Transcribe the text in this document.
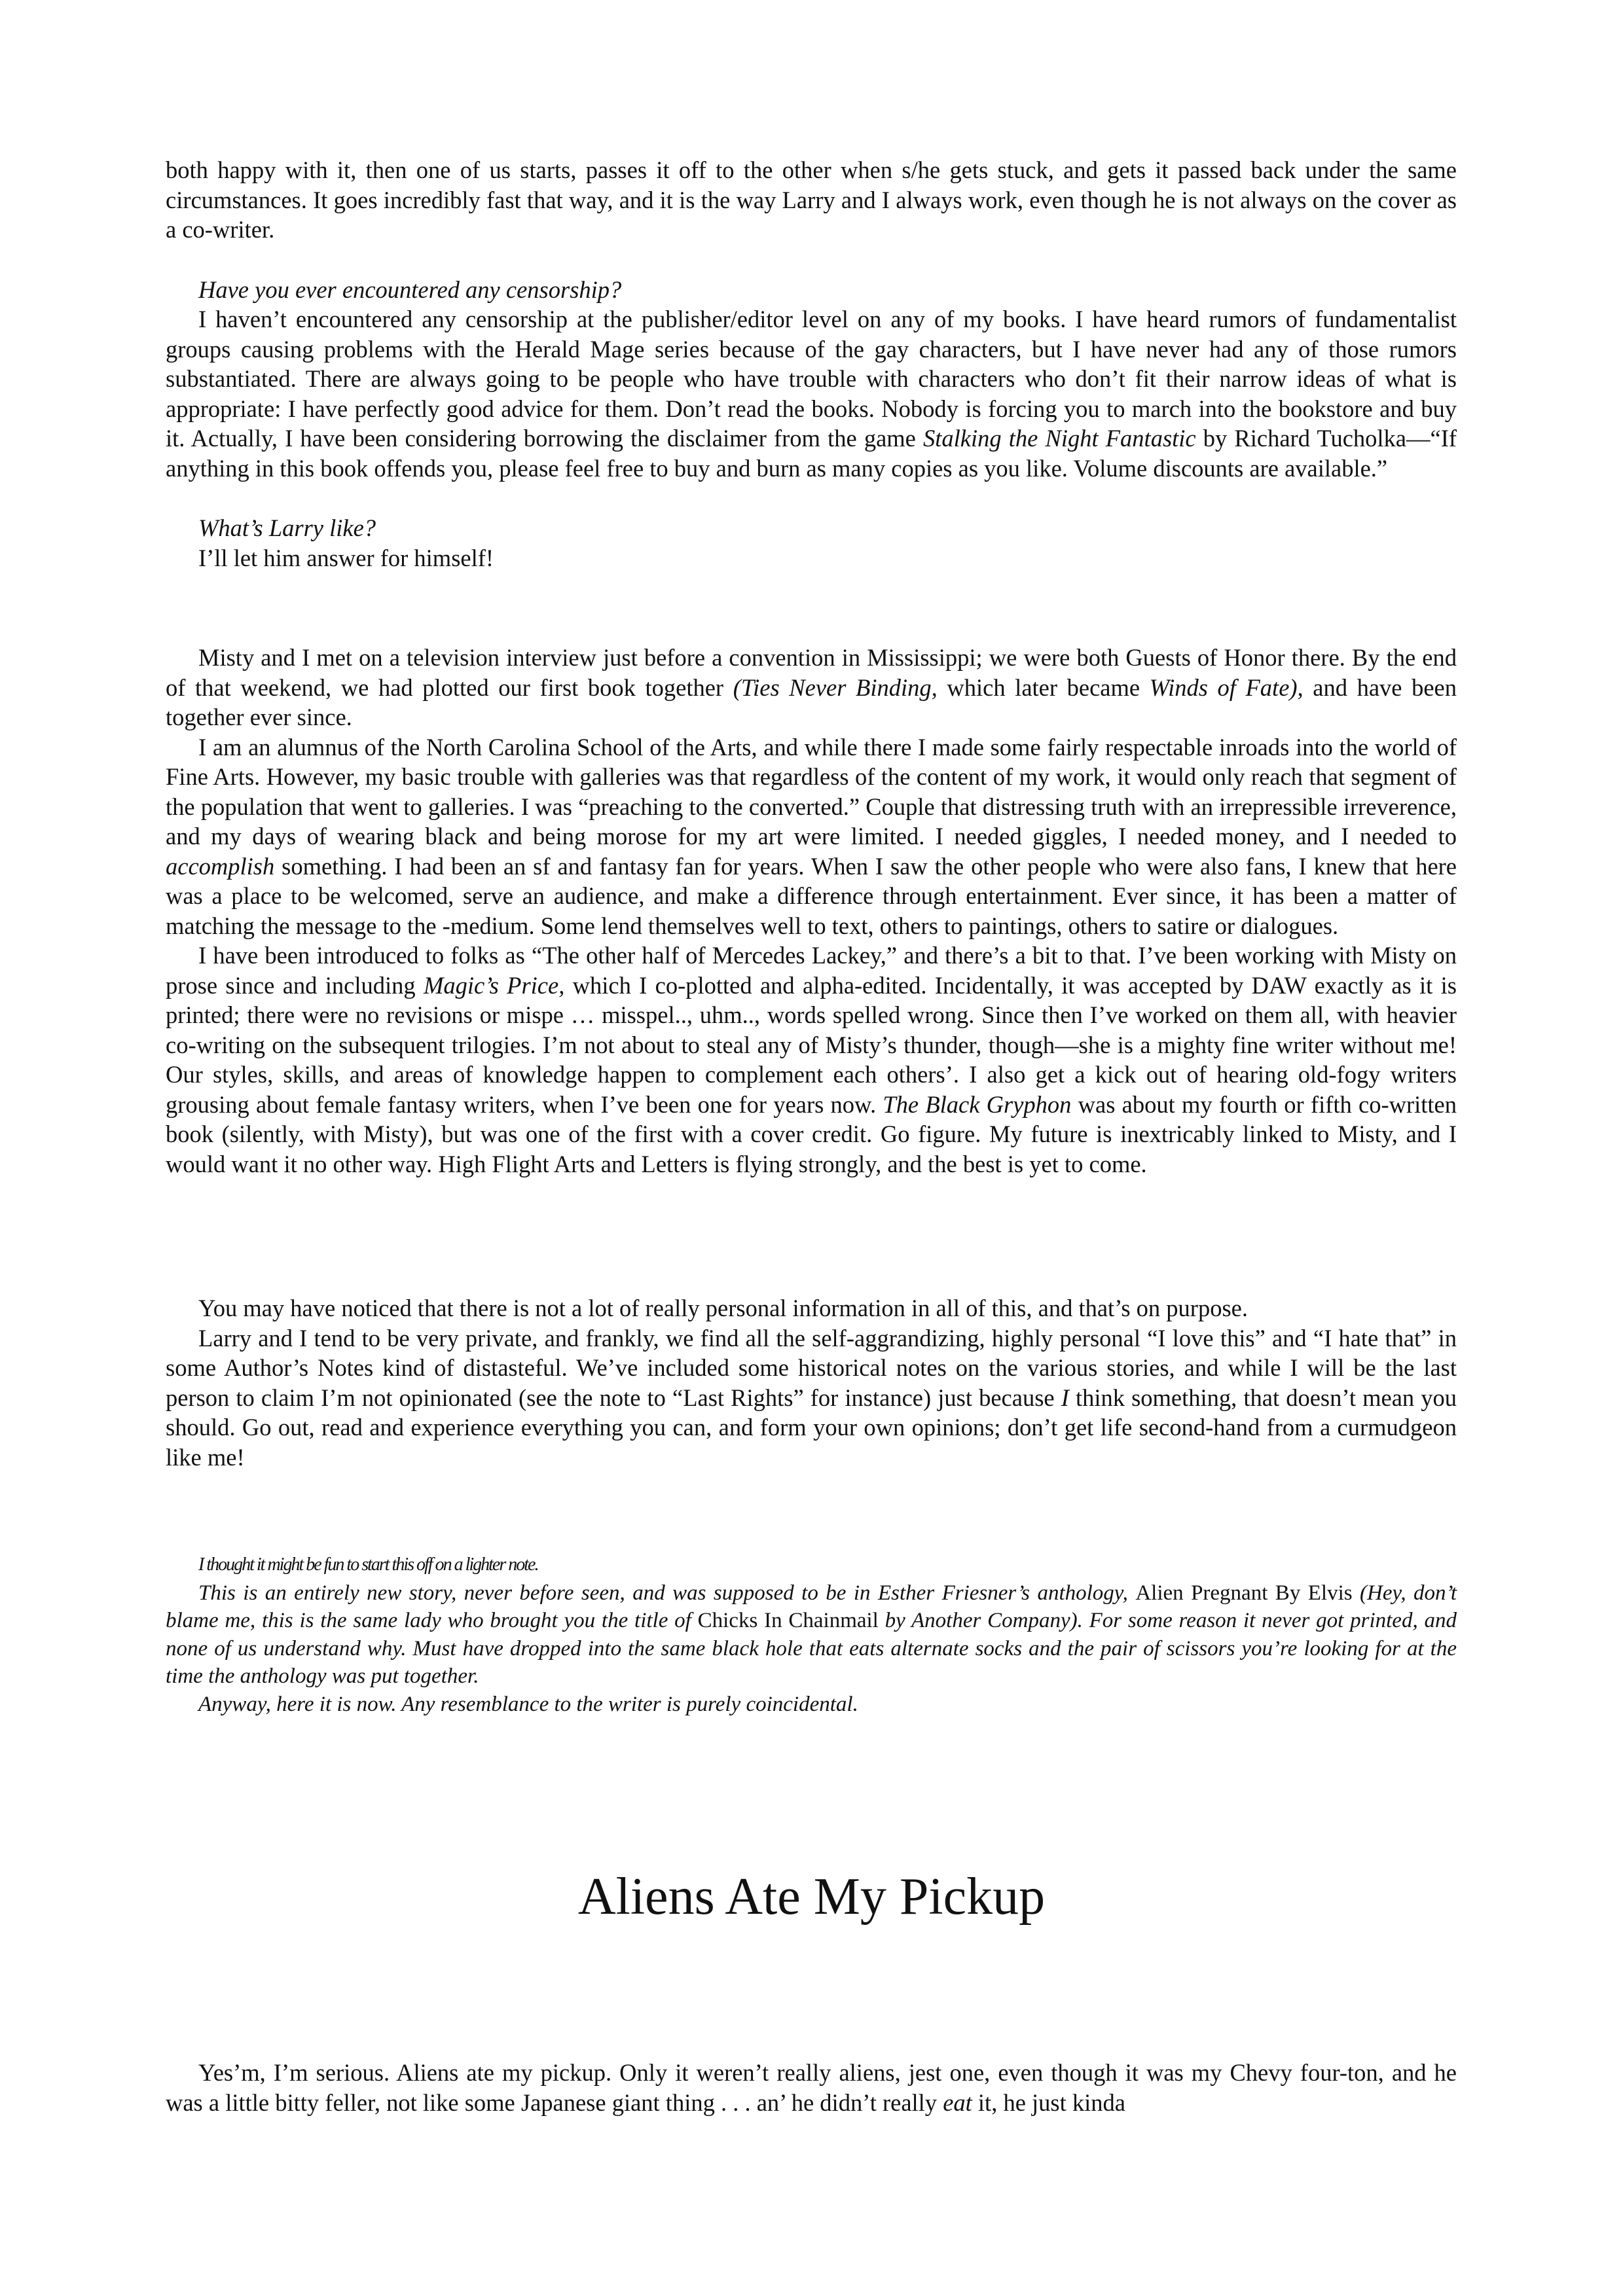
both happy with it, then one of us starts, passes it off to the other when s/he gets stuck, and gets it passed back under the same circumstances. It goes incredibly fast that way, and it is the way Larry and I always work, even though he is not always on the cover as a co-writer.

Have you ever encountered any censorship?

I haven’t encountered any censorship at the publisher/editor level on any of my books. I have heard rumors of fundamentalist groups causing problems with the Herald Mage series because of the gay characters, but I have never had any of those rumors substantiated. There are always going to be people who have trouble with characters who don’t fit their narrow ideas of what is appropriate: I have perfectly good advice for them. Don’t read the books. Nobody is forcing you to march into the bookstore and buy it. Actually, I have been considering borrowing the disclaimer from the game Stalking the Night Fantastic by Richard Tucholka—“If anything in this book offends you, please feel free to buy and burn as many copies as you like. Volume discounts are available.”

What’s Larry like?

I’ll let him answer for himself!

Misty and I met on a television interview just before a convention in Mississippi; we were both Guests of Honor there. By the end of that weekend, we had plotted our first book together (Ties Never Binding, which later became Winds of Fate), and have been together ever since.

I am an alumnus of the North Carolina School of the Arts, and while there I made some fairly respectable inroads into the world of Fine Arts. However, my basic trouble with galleries was that regardless of the content of my work, it would only reach that segment of the population that went to galleries. I was “preaching to the converted.” Couple that distressing truth with an irrepressible irreverence, and my days of wearing black and being morose for my art were limited. I needed giggles, I needed money, and I needed to accomplish something. I had been an sf and fantasy fan for years. When I saw the other people who were also fans, I knew that here was a place to be welcomed, serve an audience, and make a difference through entertainment. Ever since, it has been a matter of matching the message to the -medium. Some lend themselves well to text, others to paintings, others to satire or dialogues.

I have been introduced to folks as “The other half of Mercedes Lackey,” and there’s a bit to that. I’ve been working with Misty on prose since and including Magic’s Price, which I co-plotted and alpha-edited. Incidentally, it was accepted by DAW exactly as it is printed; there were no revisions or mispe … misspel.., uhm.., words spelled wrong. Since then I’ve worked on them all, with heavier co-writing on the subsequent trilogies. I’m not about to steal any of Misty’s thunder, though—she is a mighty fine writer without me! Our styles, skills, and areas of knowledge happen to complement each others’. I also get a kick out of hearing old-fogy writers grousing about female fantasy writers, when I’ve been one for years now. The Black Gryphon was about my fourth or fifth co-written book (silently, with Misty), but was one of the first with a cover credit. Go figure. My future is inextricably linked to Misty, and I would want it no other way. High Flight Arts and Letters is flying strongly, and the best is yet to come.

You may have noticed that there is not a lot of really personal information in all of this, and that’s on purpose.

Larry and I tend to be very private, and frankly, we find all the self-aggrandizing, highly personal “I love this” and “I hate that” in some Author’s Notes kind of distasteful. We’ve included some historical notes on the various stories, and while I will be the last person to claim I’m not opinionated (see the note to “Last Rights” for instance) just because I think something, that doesn’t mean you should. Go out, read and experience everything you can, and form your own opinions; don’t get life second-hand from a curmudgeon like me!

I thought it might be fun to start this off on a lighter note.

This is an entirely new story, never before seen, and was supposed to be in Esther Friesner’s anthology, Alien Pregnant By Elvis (Hey, don’t blame me, this is the same lady who brought you the title of Chicks In Chainmail by Another Company). For some reason it never got printed, and none of us understand why. Must have dropped into the same black hole that eats alternate socks and the pair of scissors you’re looking for at the time the anthology was put together.

Anyway, here it is now. Any resemblance to the writer is purely coincidental.

Aliens Ate My Pickup

Yes’m, I’m serious. Aliens ate my pickup. Only it weren’t really aliens, jest one, even though it was my Chevy four-ton, and he was a little bitty feller, not like some Japanese giant thing . . . an’ he didn’t really eat it, he just kinda
